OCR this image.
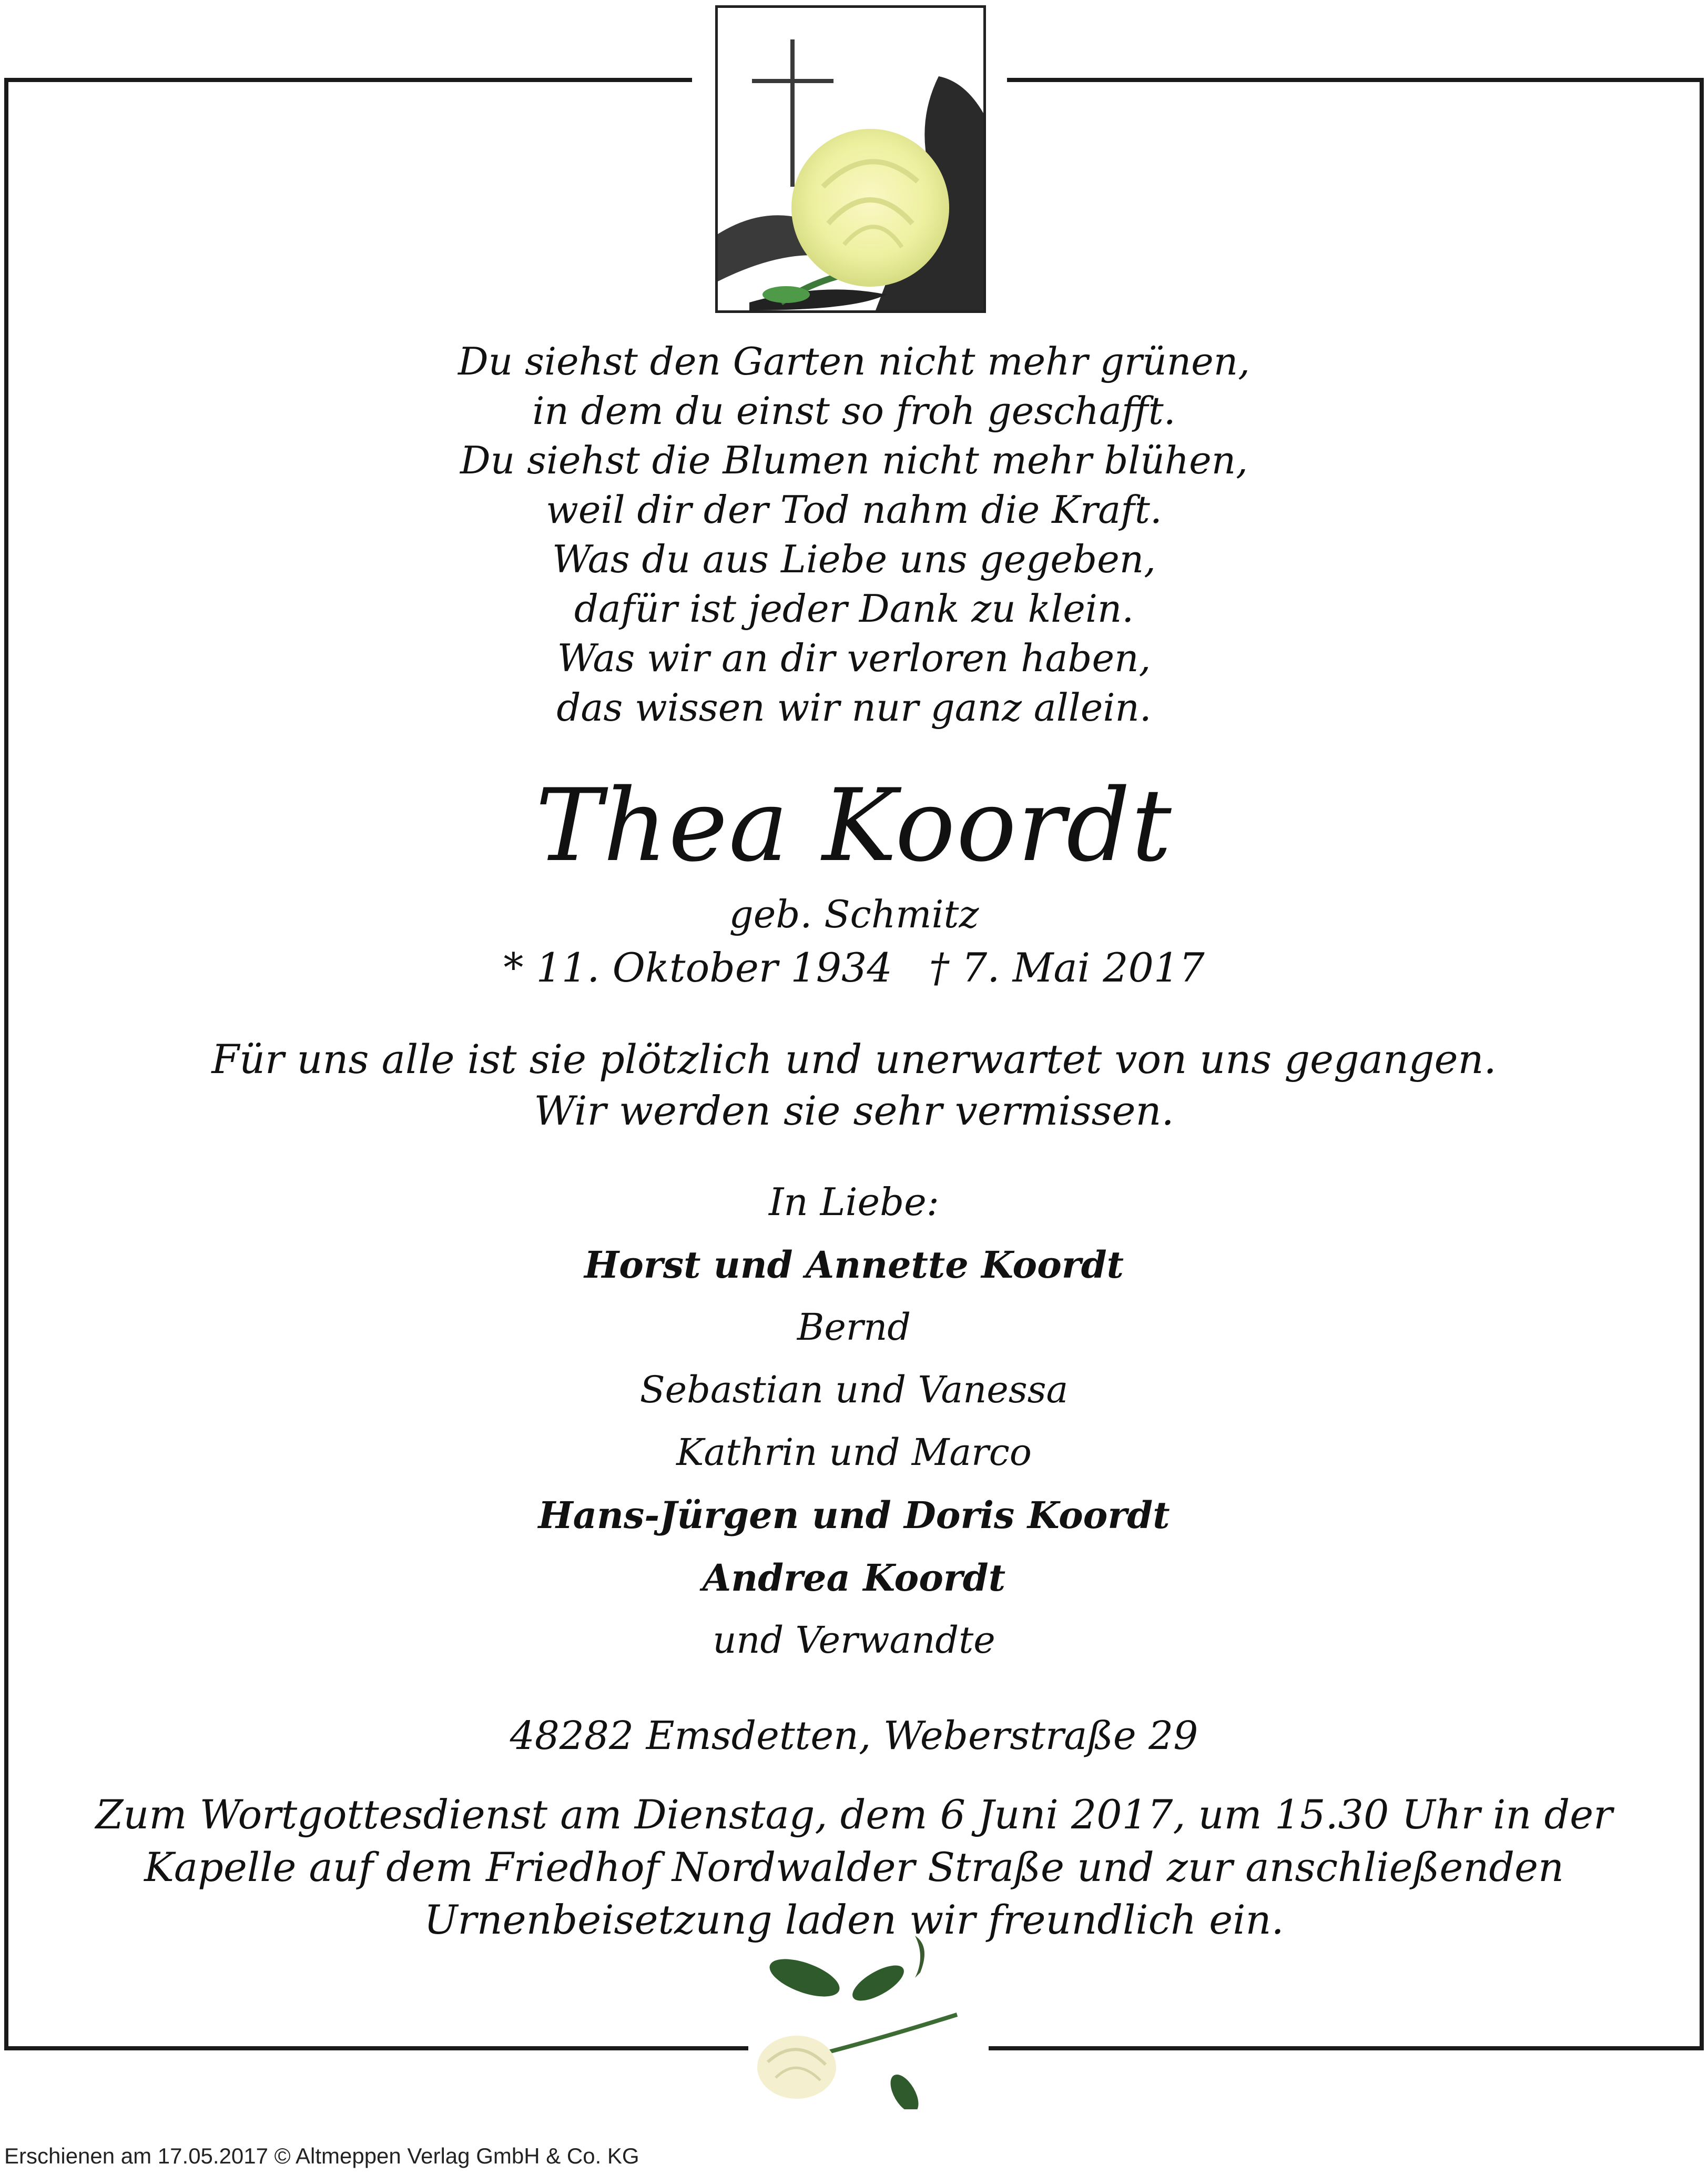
Du siehst den Garten nicht mehr grünen,
in dem du einst so froh geschafft.
Du siehst die Blumen nicht mehr blühen,
weil dir der Tod nahm die Kraft.
Was du aus Liebe uns gegeben,
dafür ist jeder Dank zu klein.
Was wir an dir verloren haben,
das wissen wir nur ganz allein.
Thea Koordt
geb. Schmitz
* 11. Oktober 1934 † 7. Mai 2017
Für uns alle ist sie plötzlich und unerwartet von uns gegangen.
Wir werden sie sehr vermissen.
In Liebe:
Horst und Annette Koordt
Bernd
Sebastian und Vanessa
Kathrin und Marco
Hans-Jürgen und Doris Koordt
Andrea Koordt
und Verwandte
48282 Emsdetten, Weberstraße 29
Zum Wortgottesdienst am Dienstag, dem 6 Juni 2017, um 15.30 Uhr in der
Kapelle auf dem Friedhof Nordwalder Straße und zur anschließenden
Urnenbeisetzung laden wir freundlich ein.
Erschienen am 17.05.2017 © Altmeppen Verlag GmbH & Co. KG
